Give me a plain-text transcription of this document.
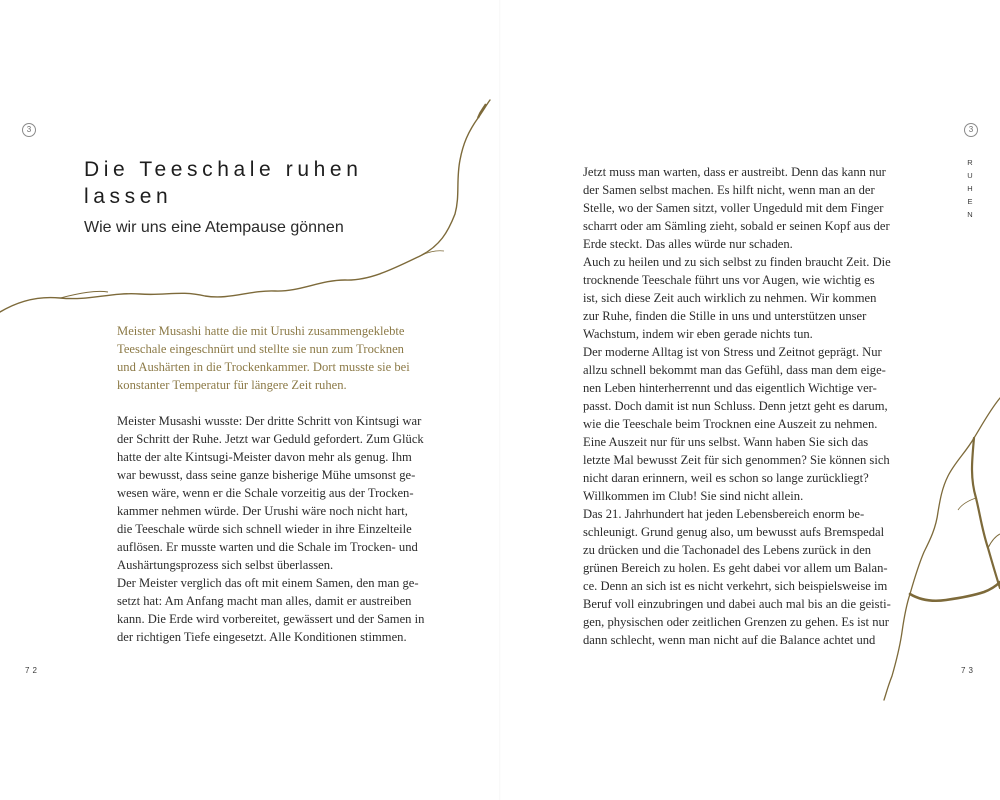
3
Die Teeschale ruhen lassen
Wie wir uns eine Atempause gönnen
Meister Musashi hatte die mit Urushi zusammengeklebte
Teeschale eingeschnürt und stellte sie nun zum Trocknen
und Aushärten in die Trockenkammer. Dort musste sie bei
konstanter Temperatur für längere Zeit ruhen.
Meister Musashi wusste: Der dritte Schritt von Kintsugi war
der Schritt der Ruhe. Jetzt war Geduld gefordert. Zum Glück
hatte der alte Kintsugi-Meister davon mehr als genug. Ihm
war bewusst, dass seine ganze bisherige Mühe umsonst ge-
wesen wäre, wenn er die Schale vorzeitig aus der Trocken-
kammer nehmen würde. Der Urushi wäre noch nicht hart,
die Teeschale würde sich schnell wieder in ihre Einzelteile
auflösen. Er musste warten und die Schale im Trocken- und
Aushärtungsprozess sich selbst überlassen.
Der Meister verglich das oft mit einem Samen, den man ge-
setzt hat: Am Anfang macht man alles, damit er austreiben
kann. Die Erde wird vorbereitet, gewässert und der Samen in
der richtigen Tiefe eingesetzt. Alle Konditionen stimmen.
72
3
R
U
H
E
N
Jetzt muss man warten, dass er austreibt. Denn das kann nur
der Samen selbst machen. Es hilft nicht, wenn man an der
Stelle, wo der Samen sitzt, voller Ungeduld mit dem Finger
scharrt oder am Sämling zieht, sobald er seinen Kopf aus der
Erde steckt. Das alles würde nur schaden.
Auch zu heilen und zu sich selbst zu finden braucht Zeit. Die
trocknende Teeschale führt uns vor Augen, wie wichtig es
ist, sich diese Zeit auch wirklich zu nehmen. Wir kommen
zur Ruhe, finden die Stille in uns und unterstützen unser
Wachstum, indem wir eben gerade nichts tun.
Der moderne Alltag ist von Stress und Zeitnot geprägt. Nur
allzu schnell bekommt man das Gefühl, dass man dem eige-
nen Leben hinterherrennt und das eigentlich Wichtige ver-
passt. Doch damit ist nun Schluss. Denn jetzt geht es darum,
wie die Teeschale beim Trocknen eine Auszeit zu nehmen.
Eine Auszeit nur für uns selbst. Wann haben Sie sich das
letzte Mal bewusst Zeit für sich genommen? Sie können sich
nicht daran erinnern, weil es schon so lange zurückliegt?
Willkommen im Club! Sie sind nicht allein.
Das 21. Jahrhundert hat jeden Lebensbereich enorm be-
schleunigt. Grund genug also, um bewusst aufs Bremspedal
zu drücken und die Tachonadel des Lebens zurück in den
grünen Bereich zu holen. Es geht dabei vor allem um Balan-
ce. Denn an sich ist es nicht verkehrt, sich beispielsweise im
Beruf voll einzubringen und dabei auch mal bis an die geisti-
gen, physischen oder zeitlichen Grenzen zu gehen. Es ist nur
dann schlecht, wenn man nicht auf die Balance achtet und
73
